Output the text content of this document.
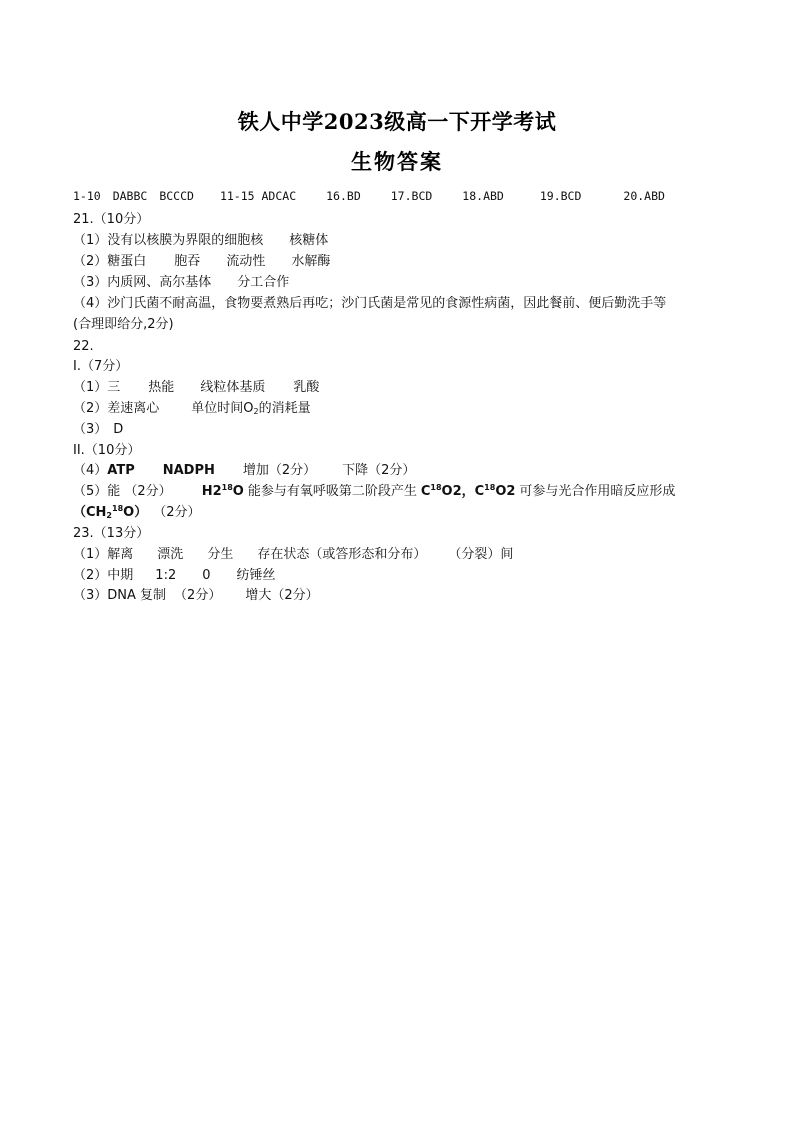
铁人中学2023级高一下开学考试
生物答案
1-10 DABBC BCCCD 11-15 ADCAC	16.BD	17.BCD	18.ABD	19.BCD	20.ABD
21.（10分）
（1）没有以核膜为界限的细胞核 核糖体
（2）糖蛋白 胞吞 流动性 水解酶
（3）内质网、高尔基体 分工合作
（4）沙门氏菌不耐高温，食物要煮熟后再吃；沙门氏菌是常见的食源性病菌，因此餐前、便后勤洗手等
(合理即给分,2分)
22.
I.（7分）
（1）三 热能 线粒体基质 乳酸
（2）差速离心 单位时间$O_2$的消耗量
（3） D
II.（10分）
（4）ATP NADPH 增加（2分） 下降（2分）
（5）能 （2分） $H2^{18}O$ 能参与有氧呼吸第二阶段产生 $C^{18}O2$，$C^{18}O2$ 可参与光合作用暗反应形成
$(CH_2^{18}O)$ （2分）
23.（13分）
（1）解离 漂洗 分生 存在状态（或答形态和分布） （分裂）间
（2）中期 1:2 0 纺锤丝
（3）DNA 复制 （2分） 增大（2分）
